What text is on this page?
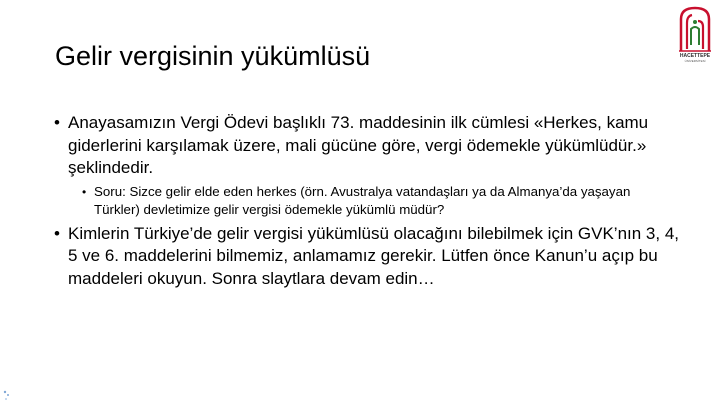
Gelir vergisinin yükümlüsü	HACETTEPE
ÜNİVERSİTESİ
• Anayasamızın Vergi Ödevi başlıklı 73. maddesinin ilk cümlesi «Herkes, kamu giderlerini karşılamak üzere, mali gücüne göre, vergi ödemekle yükümlüdür.» şeklindedir.
• Soru: Sizce gelir elde eden herkes (örn. Avustralya vatandaşları ya da Almanya’da yaşayan Türkler) devletimize gelir vergisi ödemekle yükümlü müdür?
• Kimlerin Türkiye’de gelir vergisi yükümlüsü olacağını bilebilmek için GVK’nın 3, 4, 5 ve 6. maddelerini bilmemiz, anlamamız gerekir. Lütfen önce Kanun’u açıp bu maddeleri okuyun. Sonra slaytlara devam edin…
